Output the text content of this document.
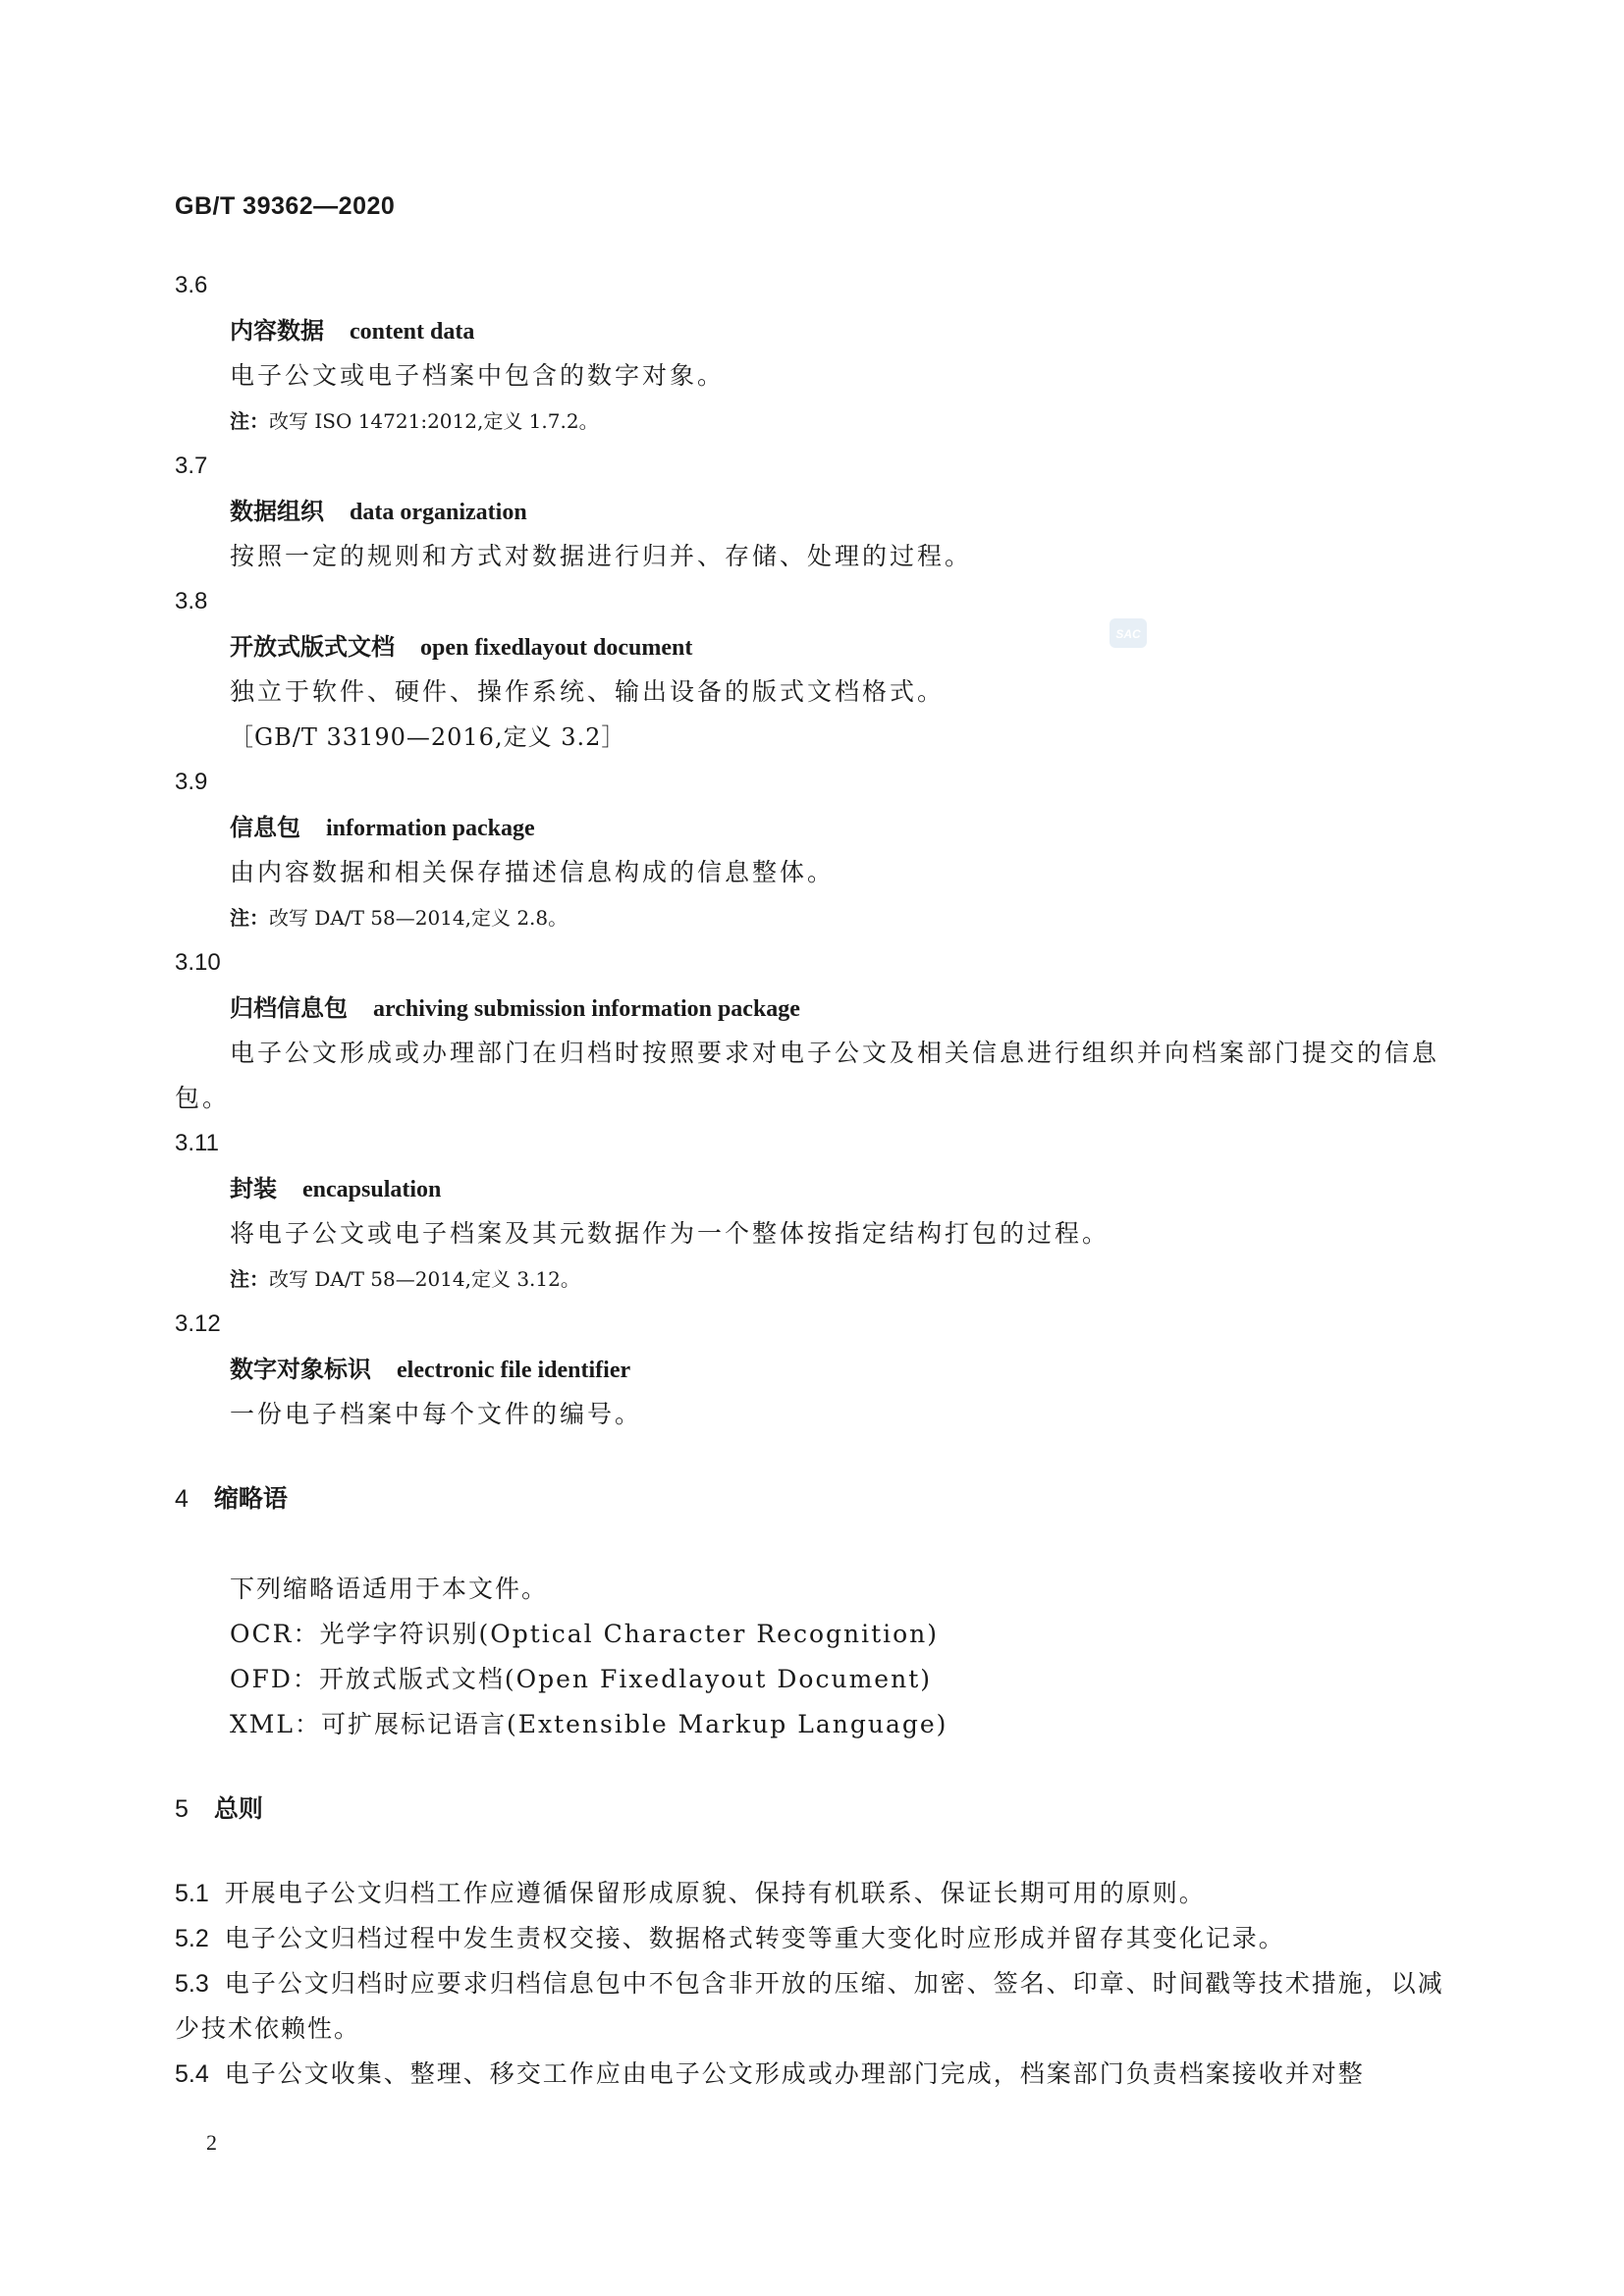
GB/T 39362—2020
SAC
3.6
内容数据 content data
电子公文或电子档案中包含的数字对象。
注：改写 ISO 14721:2012,定义 1.7.2。
3.7
数据组织 data organization
按照一定的规则和方式对数据进行归并、存储、处理的过程。
3.8
开放式版式文档 open fixedlayout document
独立于软件、硬件、操作系统、输出设备的版式文档格式。
［GB/T 33190—2016,定义 3.2］
3.9
信息包 information package
由内容数据和相关保存描述信息构成的信息整体。
注：改写 DA/T 58—2014,定义 2.8。
3.10
归档信息包 archiving submission information package
电子公文形成或办理部门在归档时按照要求对电子公文及相关信息进行组织并向档案部门提交的信息包。
3.11
封装 encapsulation
将电子公文或电子档案及其元数据作为一个整体按指定结构打包的过程。
注：改写 DA/T 58—2014,定义 3.12。
3.12
数字对象标识 electronic file identifier
一份电子档案中每个文件的编号。
4 缩略语
下列缩略语适用于本文件。
OCR：光学字符识别(Optical Character Recognition)
OFD：开放式版式文档(Open Fixedlayout Document)
XML：可扩展标记语言(Extensible Markup Language)
5 总则
5.1 开展电子公文归档工作应遵循保留形成原貌、保持有机联系、保证长期可用的原则。
5.2 电子公文归档过程中发生责权交接、数据格式转变等重大变化时应形成并留存其变化记录。
5.3 电子公文归档时应要求归档信息包中不包含非开放的压缩、加密、签名、印章、时间戳等技术措施，以减少技术依赖性。
5.4 电子公文收集、整理、移交工作应由电子公文形成或办理部门完成，档案部门负责档案接收并对整
2
